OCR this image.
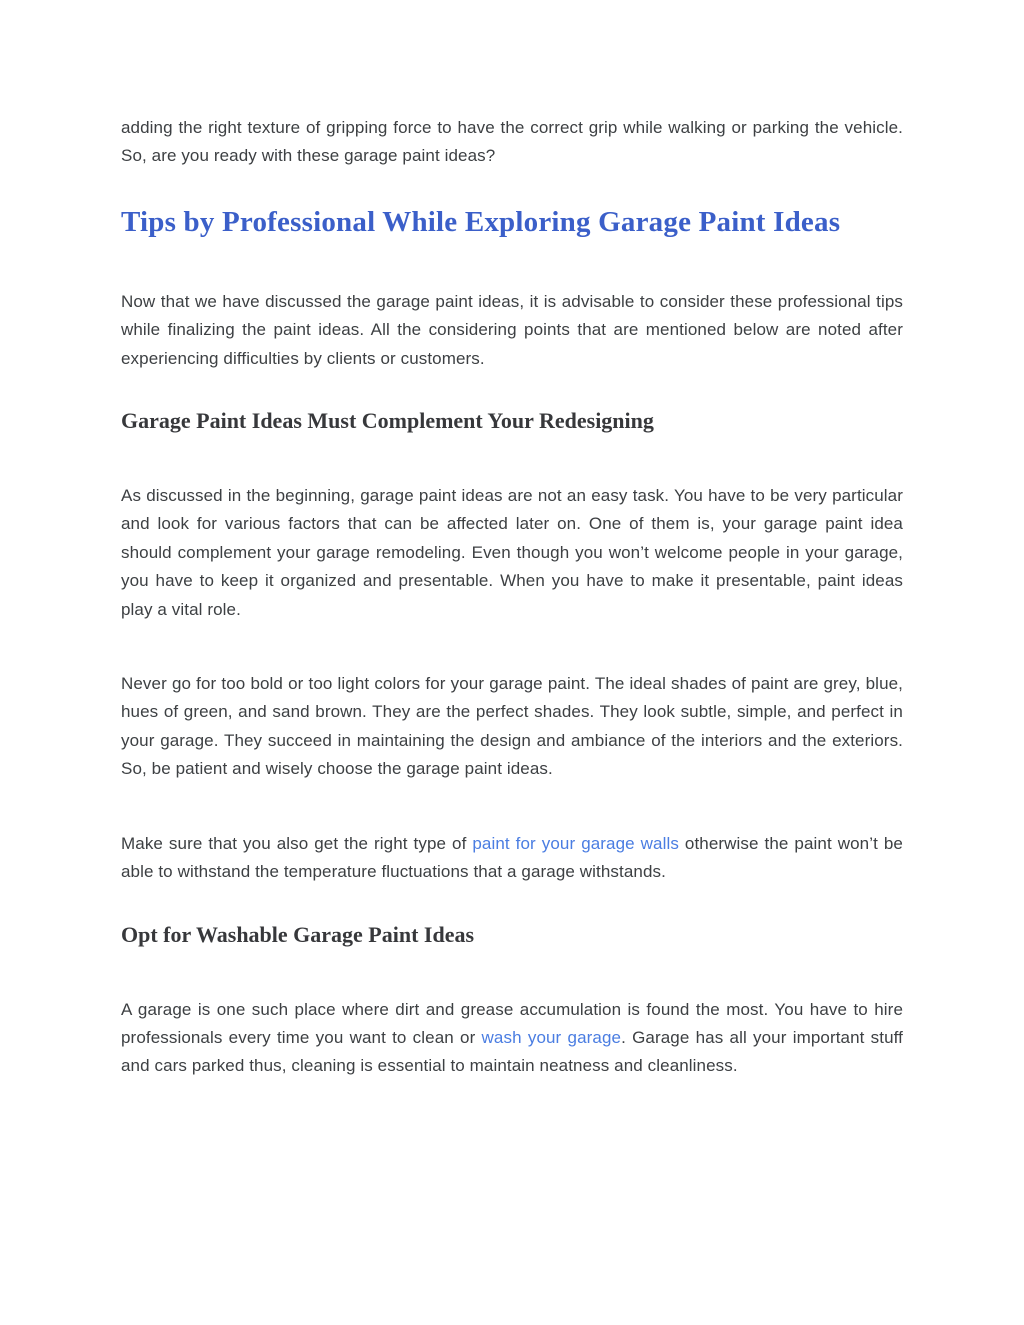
adding the right texture of gripping force to have the correct grip while walking or parking the vehicle. So, are you ready with these garage paint ideas?

Tips by Professional While Exploring Garage Paint Ideas

Now that we have discussed the garage paint ideas, it is advisable to consider these professional tips while finalizing the paint ideas. All the considering points that are mentioned below are noted after experiencing difficulties by clients or customers.

Garage Paint Ideas Must Complement Your Redesigning

As discussed in the beginning, garage paint ideas are not an easy task. You have to be very particular and look for various factors that can be affected later on. One of them is, your garage paint idea should complement your garage remodeling. Even though you won’t welcome people in your garage, you have to keep it organized and presentable. When you have to make it presentable, paint ideas play a vital role.

Never go for too bold or too light colors for your garage paint. The ideal shades of paint are grey, blue, hues of green, and sand brown. They are the perfect shades. They look subtle, simple, and perfect in your garage. They succeed in maintaining the design and ambiance of the interiors and the exteriors. So, be patient and wisely choose the garage paint ideas.

Make sure that you also get the right type of paint for your garage walls otherwise the paint won’t be able to withstand the temperature fluctuations that a garage withstands.

Opt for Washable Garage Paint Ideas

A garage is one such place where dirt and grease accumulation is found the most. You have to hire professionals every time you want to clean or wash your garage. Garage has all your important stuff and cars parked thus, cleaning is essential to maintain neatness and cleanliness.
